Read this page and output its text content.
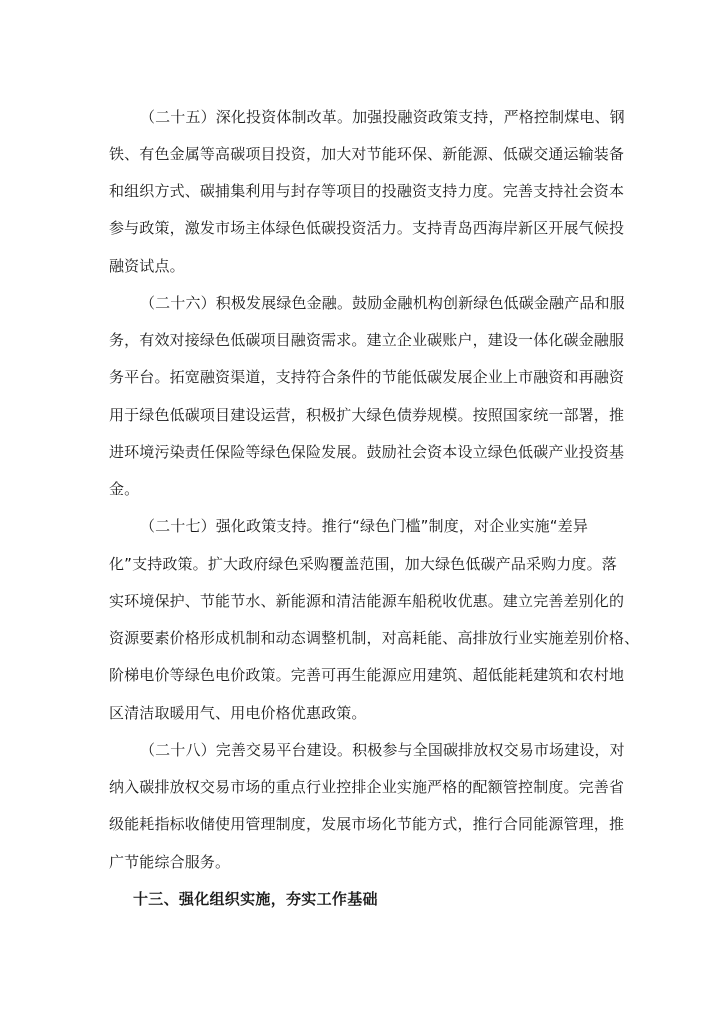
（二十五）深化投资体制改革。加强投融资政策支持，严格控制煤电、钢
铁、有色金属等高碳项目投资，加大对节能环保、新能源、低碳交通运输装备
和组织方式、碳捕集利用与封存等项目的投融资支持力度。完善支持社会资本
参与政策，激发市场主体绿色低碳投资活力。支持青岛西海岸新区开展气候投
融资试点。
（二十六）积极发展绿色金融。鼓励金融机构创新绿色低碳金融产品和服
务，有效对接绿色低碳项目融资需求。建立企业碳账户，建设一体化碳金融服
务平台。拓宽融资渠道，支持符合条件的节能低碳发展企业上市融资和再融资
用于绿色低碳项目建设运营，积极扩大绿色债券规模。按照国家统一部署，推
进环境污染责任保险等绿色保险发展。鼓励社会资本设立绿色低碳产业投资基
金。
（二十七）强化政策支持。推行“绿色门槛”制度，对企业实施“差异
化”支持政策。扩大政府绿色采购覆盖范围，加大绿色低碳产品采购力度。落
实环境保护、节能节水、新能源和清洁能源车船税收优惠。建立完善差别化的
资源要素价格形成机制和动态调整机制，对高耗能、高排放行业实施差别价格、
阶梯电价等绿色电价政策。完善可再生能源应用建筑、超低能耗建筑和农村地
区清洁取暖用气、用电价格优惠政策。
（二十八）完善交易平台建设。积极参与全国碳排放权交易市场建设，对
纳入碳排放权交易市场的重点行业控排企业实施严格的配额管控制度。完善省
级能耗指标收储使用管理制度，发展市场化节能方式，推行合同能源管理，推
广节能综合服务。
十三、强化组织实施，夯实工作基础
